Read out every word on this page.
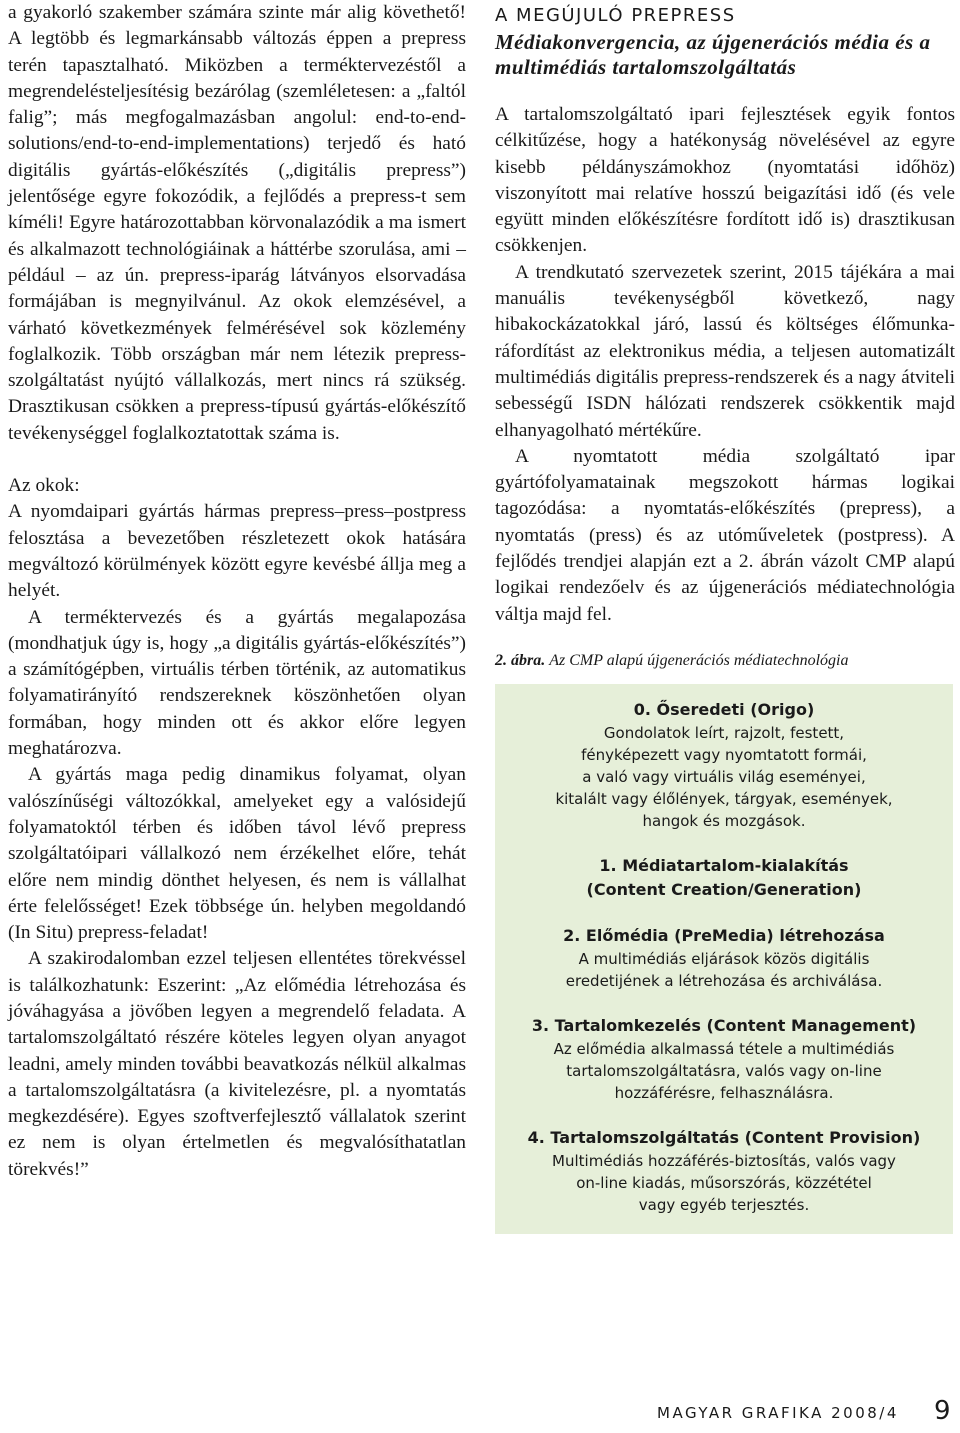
a gyakorló szakember számára szinte már alig követhető! A legtöbb és legmarkánsabb változás éppen a prepress terén tapasztalható. Miközben a terméktervezéstől a megrendelésteljesítésig bezárólag (szemléletesen: a „faltól falig”; más megfogalmazásban angolul: end-to-end-solutions/end-to-end-implementations) terjedő és ható digitális gyártás-előkészítés („digitális prepress”) jelentősége egyre fokozódik, a fejlődés a prepress-t sem kíméli! Egyre határozottabban körvonalazódik a ma ismert és alkalmazott technológiáinak a háttérbe szorulása, ami – például – az ún. prepress-iparág látványos elsorvadása formájában is megnyilvánul. Az okok elemzésével, a várható következmények felmérésével sok közlemény foglalkozik. Több országban már nem létezik prepress-szolgáltatást nyújtó vállalkozás, mert nincs rá szükség. Drasztikusan csökken a prepress-típusú gyártás-előkészítő tevékenységgel foglalkoztatottak száma is.

Az okok:

A nyomdaipari gyártás hármas prepress–press–postpress felosztása a bevezetőben részletezett okok hatására megváltozó körülmények között egyre kevésbé állja meg a helyét.

A terméktervezés és a gyártás megalapozása (mondhatjuk úgy is, hogy „a digitális gyártás-előkészítés”) a számítógépben, virtuális térben történik, az automatikus folyamatirányító rendszereknek köszönhetően olyan formában, hogy minden ott és akkor előre legyen meghatározva.

A gyártás maga pedig dinamikus folyamat, olyan valószínűségi változókkal, amelyeket egy a valósidejű folyamatoktól térben és időben távol lévő prepress szolgáltatóipari vállalkozó nem érzékelhet előre, tehát előre nem mindig dönthet helyesen, és nem is vállalhat érte felelősséget! Ezek többsége ún. helyben megoldandó (In Situ) prepress-feladat!

A szakirodalomban ezzel teljesen ellentétes törekvéssel is találkozhatunk: Eszerint: „Az előmédia létrehozása és jóváhagyása a jövőben legyen a megrendelő feladata. A tartalomszolgáltató részére köteles legyen olyan anyagot leadni, amely minden további beavatkozás nélkül alkalmas a tartalomszolgáltatásra (a kivitelezésre, pl. a nyomtatás megkezdésére). Egyes szoftverfejlesztő vállalatok szerint ez nem is olyan értelmetlen és megvalósíthatatlan törekvés!”

A MEGÚJULÓ PREPRESS
Médiakonvergencia, az újgenerációs média és a multimédiás tartalomszolgáltatás

A tartalomszolgáltató ipari fejlesztések egyik fontos célkitűzése, hogy a hatékonyság növelésével az egyre kisebb példányszámokhoz (nyomtatási időhöz) viszonyított mai relatíve hosszú beigazítási idő (és vele együtt minden előkészítésre fordított idő is) drasztikusan csökkenjen.

A trendkutató szervezetek szerint, 2015 tájékára a mai manuális tevékenységből következő, nagy hibakockázatokkal járó, lassú és költséges élőmunka-ráfordítást az elektronikus média, a teljesen automatizált multimédiás digitális prepress-rendszerek és a nagy átviteli sebességű ISDN hálózati rendszerek csökkentik majd elhanyagolható mértékűre.

A nyomtatott média szolgáltató ipar gyártófolyamatainak megszokott hármas logikai tagozódása: a nyomtatás-előkészítés (prepress), a nyomtatás (press) és az utóműveletek (postpress). A fejlődés trendjei alapján ezt a 2. ábrán vázolt CMP alapú logikai rendezőelv és az újgenerációs médiatechnológia váltja majd fel.

2. ábra. Az CMP alapú újgenerációs médiatechnológia
0. Őseredeti (Origo)
Gondolatok leírt, rajzolt, festett,
fényképezett vagy nyomtatott formái,
a való vagy virtuális világ eseményei,
kitalált vagy élőlények, tárgyak, események,
hangok és mozgások.
1. Médiatartalom-kialakítás
(Content Creation/Generation)
2. Előmédia (PreMedia) létrehozása
A multimédiás eljárások közös digitális
eredetijének a létrehozása és archiválása.
3. Tartalomkezelés (Content Management)
Az előmédia alkalmassá tétele a multimédiás
tartalomszolgáltatásra, valós vagy on-line
hozzáférésre, felhasználásra.
4. Tartalomszolgáltatás (Content Provision)
Multimédiás hozzáférés-biztosítás, valós vagy
on-line kiadás, műsorszórás, közzététel
vagy egyéb terjesztés.
MAGYAR GRAFIKA 2008/4 9
